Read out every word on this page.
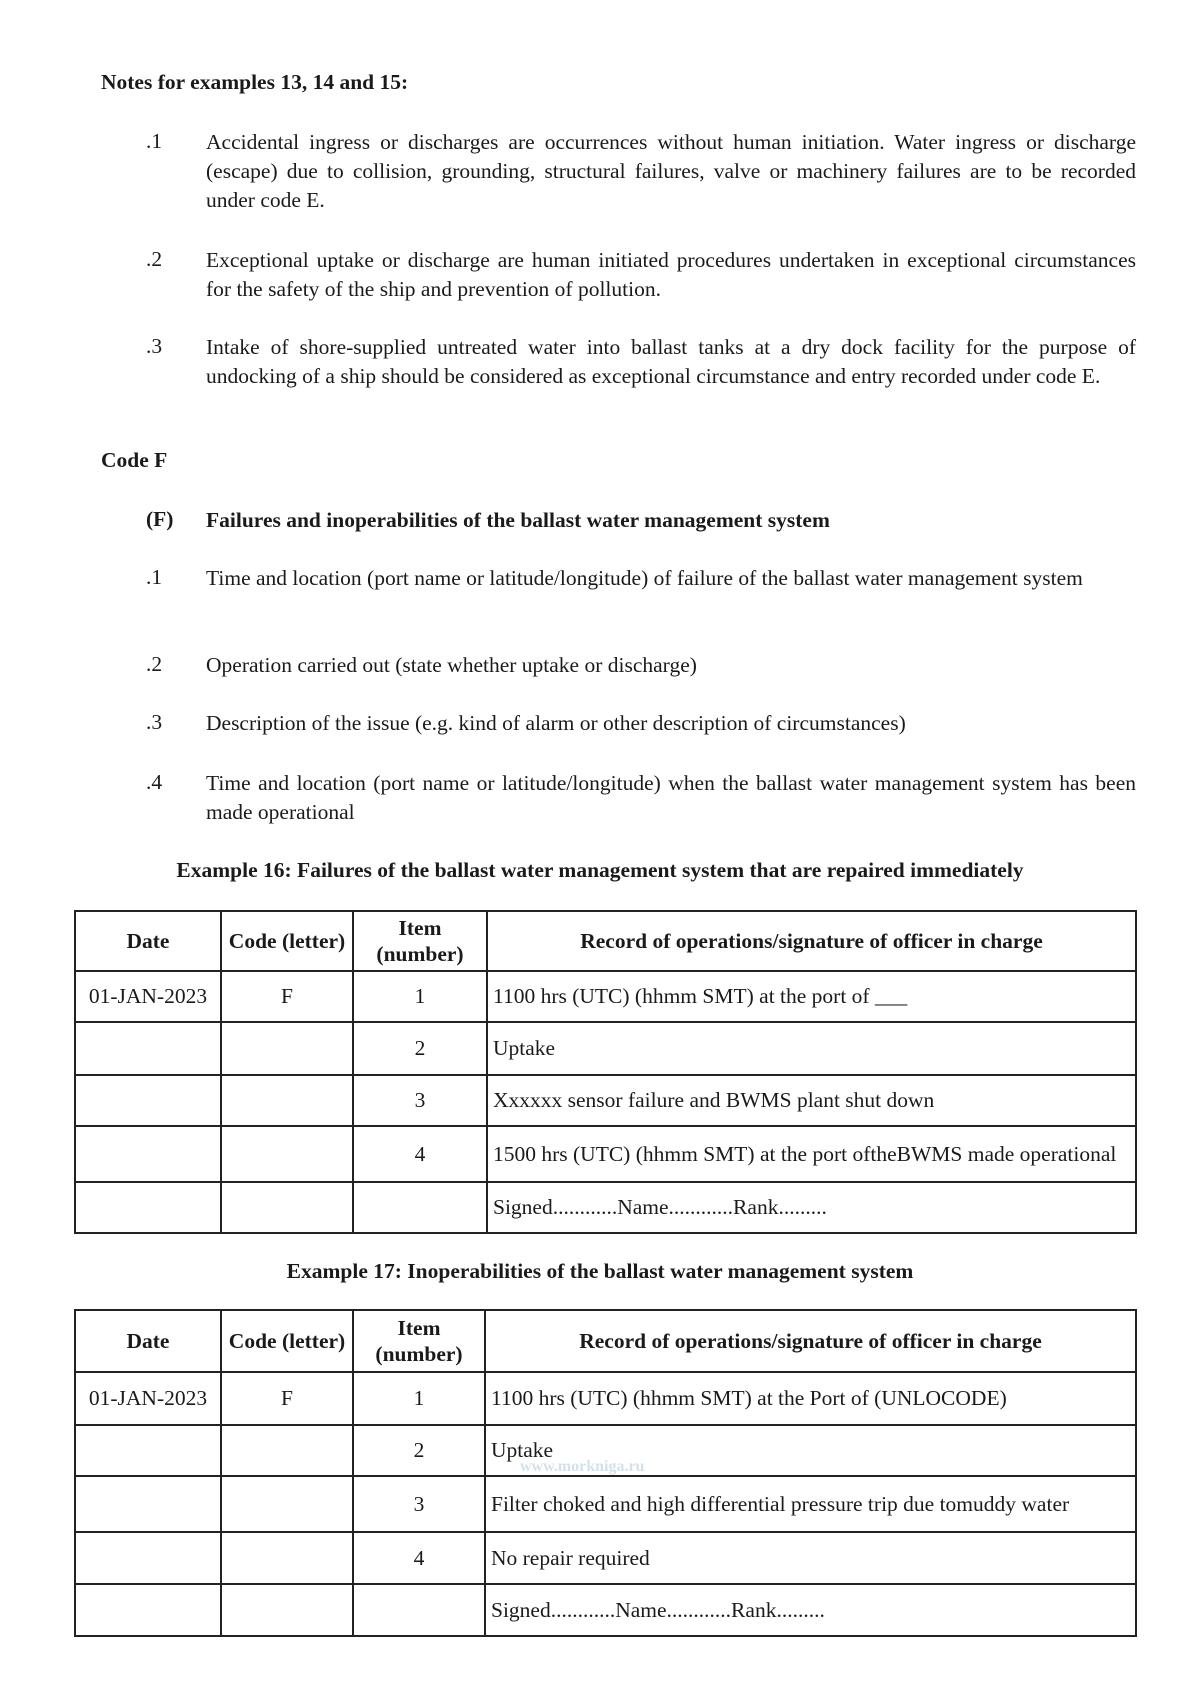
Notes for examples 13, 14 and 15:
.1	Accidental ingress or discharges are occurrences without human initiation. Water ingress or discharge (escape) due to collision, grounding, structural failures, valve or machinery failures are to be recorded under code E.
.2	Exceptional uptake or discharge are human initiated procedures undertaken in exceptional circumstances for the safety of the ship and prevention of pollution.
.3	Intake of shore-supplied untreated water into ballast tanks at a dry dock facility for the purpose of undocking of a ship should be considered as exceptional circumstance and entry recorded under code E.
Code F
(F)	Failures and inoperabilities of the ballast water management system
.1	Time and location (port name or latitude/longitude) of failure of the ballast water management system
.2	Operation carried out (state whether uptake or discharge)
.3	Description of the issue (e.g. kind of alarm or other description of circumstances)
.4	Time and location (port name or latitude/longitude) when the ballast water management system has been made operational
Example 16: Failures of the ballast water management system that are repaired immediately
Date	Code (letter)	Item (number)	Record of operations/signature of officer in charge
01-JAN-2023	F	1	1100 hrs (UTC) (hhmm SMT) at the port of ___
		2	Uptake
		3	Xxxxxx sensor failure and BWMS plant shut down
		4	1500 hrs (UTC) (hhmm SMT) at the port oftheBWMS made operational
			Signed............Name............Rank.........
Example 17: Inoperabilities of the ballast water management system
Date	Code (letter)	Item (number)	Record of operations/signature of officer in charge
01-JAN-2023	F	1	1100 hrs (UTC) (hhmm SMT) at the Port of (UNLOCODE)
		2	Uptake
		3	Filter choked and high differential pressure trip due tomuddy water
		4	No repair required
			Signed............Name............Rank.........
www.morkniga.ru
